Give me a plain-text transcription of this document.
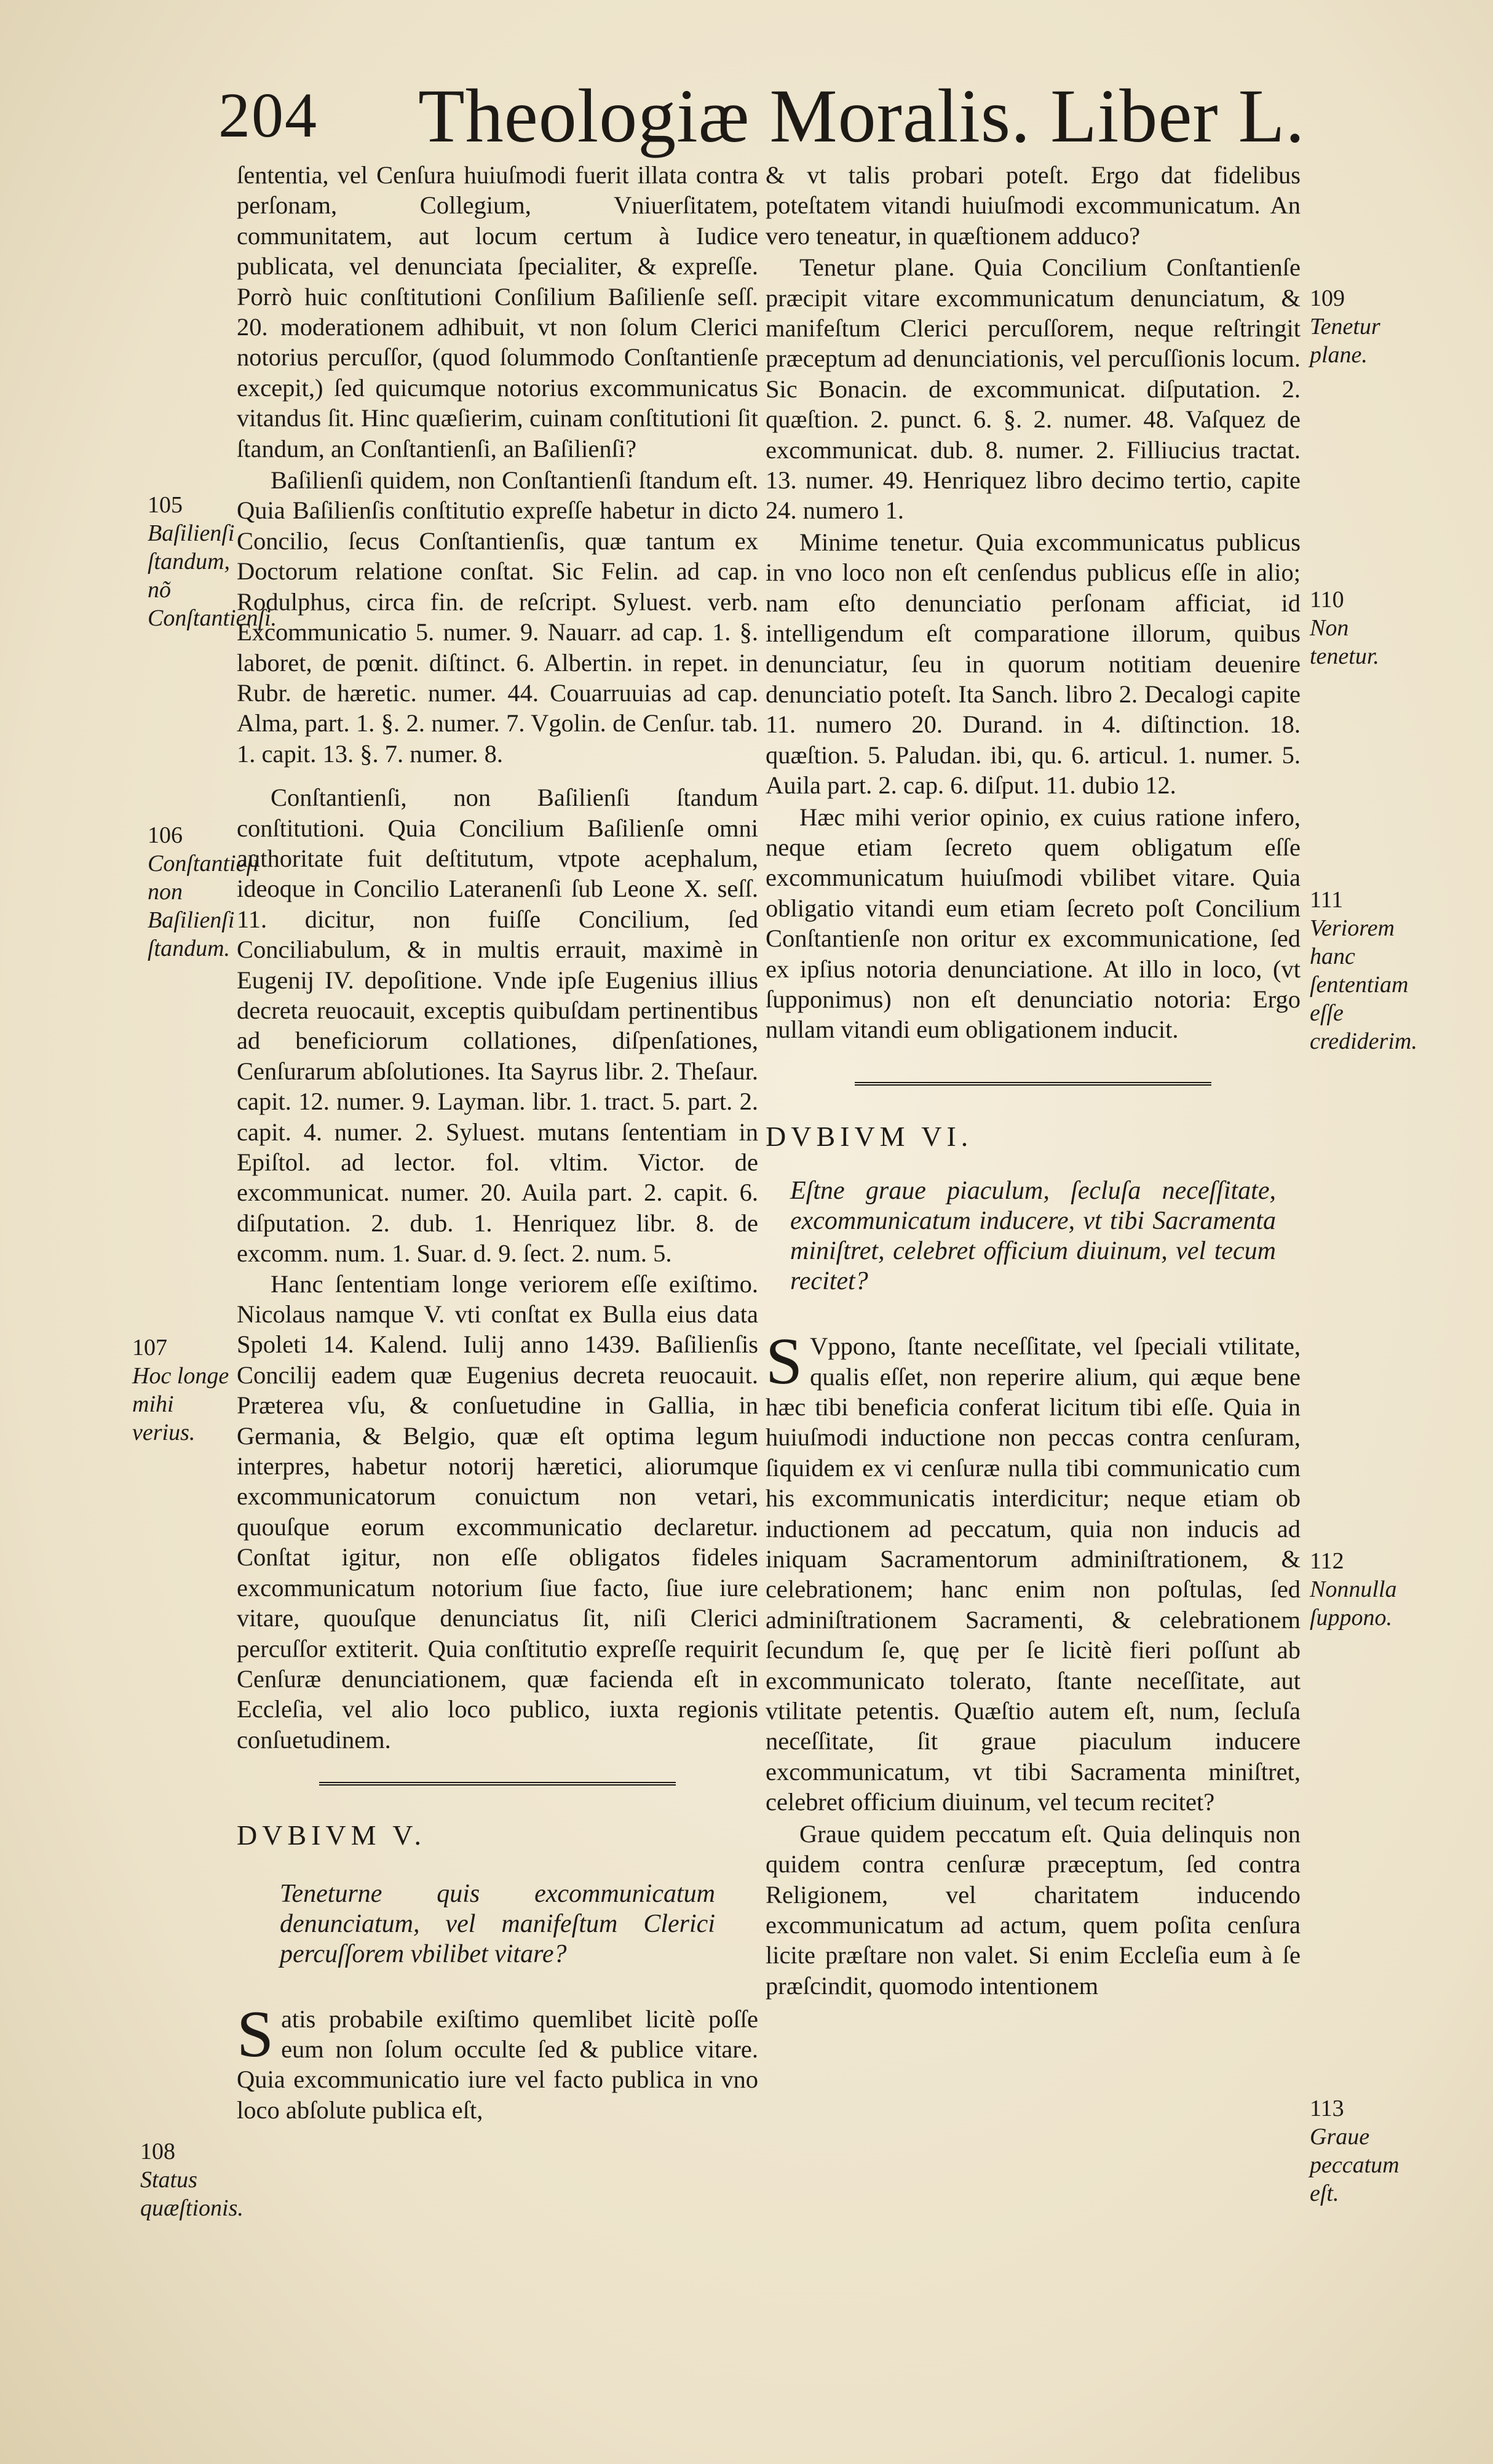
204 Theologiæ Moralis. Liber L.

ſententia, vel Cenſura huiuſmodi fuerit illata contra perſonam, Collegium, Vniuerſitatem, communitatem, aut locum certum à Iudice publicata, vel denunciata ſpecialiter, & expreſſe. Porrò huic conſtitutioni Conſilium Baſilienſe seſſ. 20. moderationem adhibuit, vt non ſolum Clerici notorius percuſſor, (quod ſolummodo Conſtantienſe excepit,) ſed quicumque notorius excommunicatus vitandus ſit. Hinc quæſierim, cuinam conſtitutioni ſit ſtandum, an Conſtantienſi, an Baſilienſi?

Baſilienſi quidem, non Conſtantienſi ſtandum eſt. Quia Baſilienſis conſtitutio expreſſe habetur in dicto Concilio, ſecus Conſtantienſis, quæ tantum ex Doctorum relatione conſtat. Sic Felin. ad cap. Rodulphus, circa fin. de reſcript. Syluest. verb. Excommunicatio 5. numer. 9. Nauarr. ad cap. 1. §. laboret, de pœnit. diſtinct. 6. Albertin. in repet. in Rubr. de hæretic. numer. 44. Couarruuias ad cap. Alma, part. 1. §. 2. numer. 7. Vgolin. de Cenſur. tab. 1. capit. 13. §. 7. numer. 8.

Conſtantienſi, non Baſilienſi ſtandum conſtitutioni. Quia Concilium Baſilienſe omni authoritate fuit deſtitutum, vtpote acephalum, ideoque in Concilio Lateranenſi ſub Leone X. seſſ. 11. dicitur, non fuiſſe Concilium, ſed Conciliabulum, & in multis errauit, maximè in Eugenij IV. depoſitione. Vnde ipſe Eugenius illius decreta reuocauit, exceptis quibuſdam pertinentibus ad beneficiorum collationes, diſpenſationes, Cenſurarum abſolutiones. Ita Sayrus libr. 2. Theſaur. capit. 12. numer. 9. Layman. libr. 1. tract. 5. part. 2. capit. 4. numer. 2. Syluest. mutans ſententiam in Epiſtol. ad lector. fol. vltim. Victor. de excommunicat. numer. 20. Auila part. 2. capit. 6. diſputation. 2. dub. 1. Henriquez libr. 8. de excomm. num. 1. Suar. d. 9. ſect. 2. num. 5.

Hanc ſententiam longe veriorem eſſe exiſtimo. Nicolaus namque V. vti conſtat ex Bulla eius data Spoleti 14. Kalend. Iulij anno 1439. Baſilienſis Concilij eadem quæ Eugenius decreta reuocauit. Præterea vſu, & conſuetudine in Gallia, in Germania, & Belgio, quæ eſt optima legum interpres, habetur notorij hæretici, aliorumque excommunicatorum conuictum non vetari, quouſque eorum excommunicatio declaretur. Conſtat igitur, non eſſe obligatos fideles excommunicatum notorium ſiue facto, ſiue iure vitare, quouſque denunciatus ſit, niſi Clerici percuſſor extiterit. Quia conſtitutio expreſſe requirit Cenſuræ denunciationem, quæ facienda eſt in Eccleſia, vel alio loco publico, iuxta regionis conſuetudinem.

DVBIVM V.

Teneturne quis excommunicatum denunciatum, vel manifeſtum Clerici percuſſorem vbilibet vitare?

S atis probabile exiſtimo quemlibet licitè poſſe eum non ſolum occulte ſed & publice vitare. Quia excommunicatio iure vel facto publica in vno loco abſolute publica eſt,

& vt talis probari poteſt. Ergo dat fidelibus poteſtatem vitandi huiuſmodi excommunicatum. An vero teneatur, in quæſtionem adduco?

Tenetur plane. Quia Concilium Conſtantienſe præcipit vitare excommunicatum denunciatum, & manifeſtum Clerici percuſſorem, neque reſtringit præceptum ad denunciationis, vel percuſſionis locum. Sic Bonacin. de excommunicat. diſputation. 2. quæſtion. 2. punct. 6. §. 2. numer. 48. Vaſquez de excommunicat. dub. 8. numer. 2. Filliucius tractat. 13. numer. 49. Henriquez libro decimo tertio, capite 24. numero 1.

Minime tenetur. Quia excommunicatus publicus in vno loco non eſt cenſendus publicus eſſe in alio; nam eſto denunciatio perſonam afficiat, id intelligendum eſt comparatione illorum, quibus denunciatur, ſeu in quorum notitiam deuenire denunciatio poteſt. Ita Sanch. libro 2. Decalogi capite 11. numero 20. Durand. in 4. diſtinction. 18. quæſtion. 5. Paludan. ibi, qu. 6. articul. 1. numer. 5. Auila part. 2. cap. 6. diſput. 11. dubio 12.

Hæc mihi verior opinio, ex cuius ratione infero, neque etiam ſecreto quem obligatum eſſe excommunicatum huiuſmodi vbilibet vitare. Quia obligatio vitandi eum etiam ſecreto poſt Concilium Conſtantienſe non oritur ex excommunicatione, ſed ex ipſius notoria denunciatione. At illo in loco, (vt ſupponimus) non eſt denunciatio notoria: Ergo nullam vitandi eum obligationem inducit.

DVBIVM VI.

Eſtne graue piaculum, ſecluſa neceſſitate, excommunicatum inducere, vt tibi Sacramenta miniſtret, celebret officium diuinum, vel tecum recitet?

S Vppono, ſtante neceſſitate, vel ſpeciali vtilitate, qualis eſſet, non reperire alium, qui æque bene hæc tibi beneficia conferat licitum tibi eſſe. Quia in huiuſmodi inductione non peccas contra cenſuram, ſiquidem ex vi cenſuræ nulla tibi communicatio cum his excommunicatis interdicitur; neque etiam ob inductionem ad peccatum, quia non inducis ad iniquam Sacramentorum adminiſtrationem, & celebrationem; hanc enim non poſtulas, ſed adminiſtrationem Sacramenti, & celebrationem ſecundum ſe, quę per ſe licitè fieri poſſunt ab excommunicato tolerato, ſtante neceſſitate, aut vtilitate petentis. Quæſtio autem eſt, num, ſecluſa neceſſitate, ſit graue piaculum inducere excommunicatum, vt tibi Sacramenta miniſtret, celebret officium diuinum, vel tecum recitet?

Graue quidem peccatum eſt. Quia delinquis non quidem contra cenſuræ præceptum, ſed contra Religionem, vel charitatem inducendo excommunicatum ad actum, quem poſita cenſura licite præſtare non valet. Si enim Eccleſia eum à ſe præſcindit, quomodo intentionem

105
Baſilienſi ſtandum, nõ Conſtantienſi.
106
Conſtantieſi non Baſilienſi ſtandum.
107
Hoc longe mihi verius.
108
Status quæſtionis.
109
Tenetur plane.
110
Non tenetur.
111
Veriorem hanc ſententiam eſſe crediderim.
112
Nonnulla ſuppono.
113
Graue peccatum eſt.
